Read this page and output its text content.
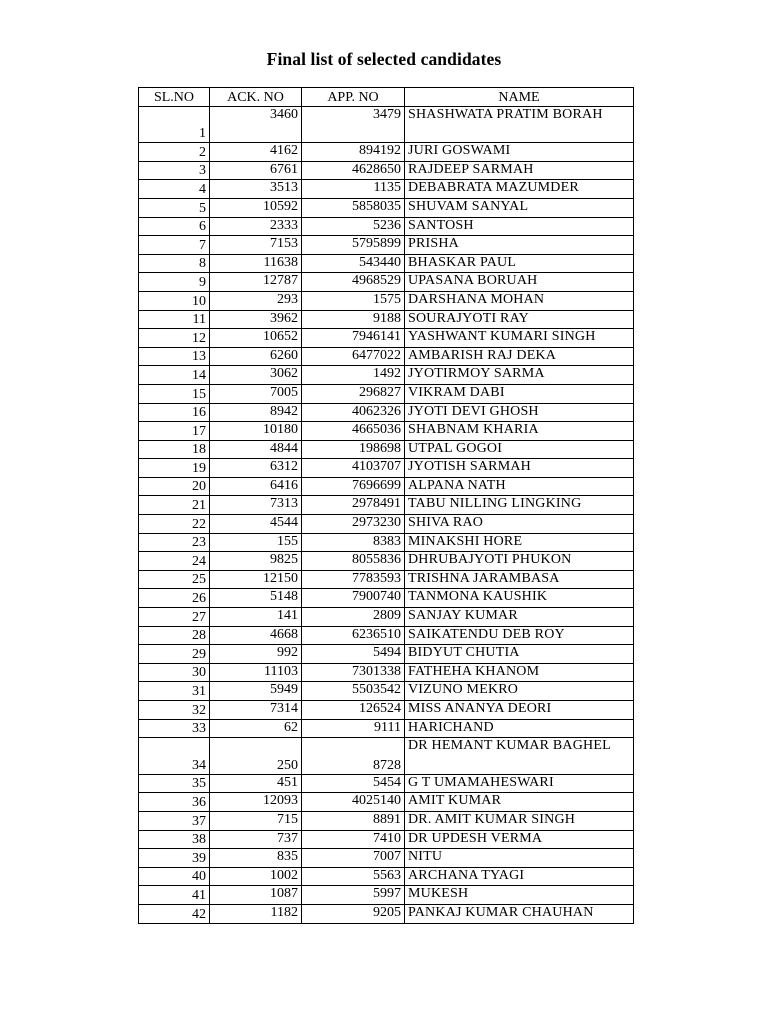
Final list of selected candidates
SL.NO	ACK. NO	APP. NO	NAME
1	3460	3479	SHASHWATA PRATIM BORAH
2	4162	894192	JURI GOSWAMI
3	6761	4628650	RAJDEEP SARMAH
4	3513	1135	DEBABRATA MAZUMDER
5	10592	5858035	SHUVAM SANYAL
6	2333	5236	SANTOSH
7	7153	5795899	PRISHA
8	11638	543440	BHASKAR PAUL
9	12787	4968529	UPASANA BORUAH
10	293	1575	DARSHANA MOHAN
11	3962	9188	SOURAJYOTI RAY
12	10652	7946141	YASHWANT KUMARI SINGH
13	6260	6477022	AMBARISH RAJ DEKA
14	3062	1492	JYOTIRMOY SARMA
15	7005	296827	VIKRAM DABI
16	8942	4062326	JYOTI DEVI GHOSH
17	10180	4665036	SHABNAM KHARIA
18	4844	198698	UTPAL GOGOI
19	6312	4103707	JYOTISH SARMAH
20	6416	7696699	ALPANA NATH
21	7313	2978491	TABU NILLING LINGKING
22	4544	2973230	SHIVA RAO
23	155	8383	MINAKSHI HORE
24	9825	8055836	DHRUBAJYOTI PHUKON
25	12150	7783593	TRISHNA JARAMBASA
26	5148	7900740	TANMONA KAUSHIK
27	141	2809	SANJAY KUMAR
28	4668	6236510	SAIKATENDU DEB ROY
29	992	5494	BIDYUT CHUTIA
30	11103	7301338	FATHEHA KHANOM
31	5949	5503542	VIZUNO MEKRO
32	7314	126524	MISS ANANYA DEORI
33	62	9111	HARICHAND
34	250	8728	DR HEMANT KUMAR BAGHEL
35	451	5454	G T UMAMAHESWARI
36	12093	4025140	AMIT KUMAR
37	715	8891	DR. AMIT KUMAR SINGH
38	737	7410	DR UPDESH VERMA
39	835	7007	NITU
40	1002	5563	ARCHANA TYAGI
41	1087	5997	MUKESH
42	1182	9205	PANKAJ KUMAR CHAUHAN
